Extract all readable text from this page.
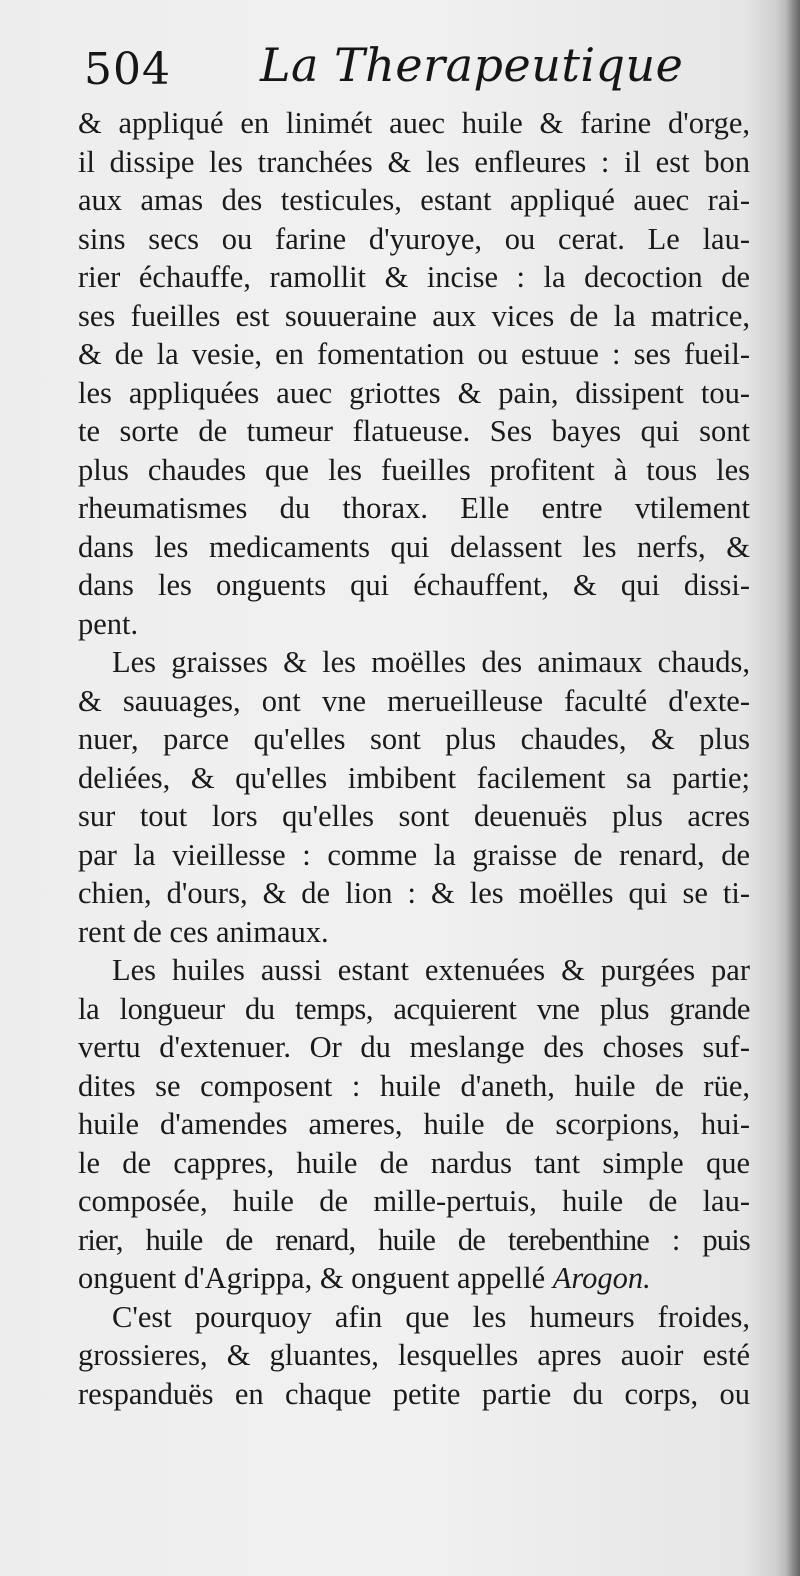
504 La Therapeutique
& appliqué en linimét auec huile & farine d'orge,
il dissipe les tranchées & les enfleures : il est bon
aux amas des testicules, estant appliqué auec rai-
sins secs ou farine d'yuroye, ou cerat. Le lau-
rier échauffe, ramollit & incise : la decoction de
ses fueilles est souueraine aux vices de la matrice,
& de la vesie, en fomentation ou estuue : ses fueil-
les appliquées auec griottes & pain, dissipent tou-
te sorte de tumeur flatueuse. Ses bayes qui sont
plus chaudes que les fueilles profitent à tous les
rheumatismes du thorax. Elle entre vtilement
dans les medicaments qui delassent les nerfs, &
dans les onguents qui échauffent, & qui dissi-
pent.
Les graisses & les moëlles des animaux chauds,
& sauuages, ont vne merueilleuse faculté d'exte-
nuer, parce qu'elles sont plus chaudes, & plus
deliées, & qu'elles imbibent facilement sa partie;
sur tout lors qu'elles sont deuenuës plus acres
par la vieillesse : comme la graisse de renard, de
chien, d'ours, & de lion : & les moëlles qui se ti-
rent de ces animaux.
Les huiles aussi estant extenuées & purgées par
la longueur du temps, acquierent vne plus grande
vertu d'extenuer. Or du meslange des choses suf-
dites se composent : huile d'aneth, huile de rüe,
huile d'amendes ameres, huile de scorpions, hui-
le de cappres, huile de nardus tant simple que
composée, huile de mille-pertuis, huile de lau-
rier, huile de renard, huile de terebenthine : puis
onguent d'Agrippa, & onguent appellé Arogon.
C'est pourquoy afin que les humeurs froides,
grossieres, & gluantes, lesquelles apres auoir esté
respanduës en chaque petite partie du corps, ou
